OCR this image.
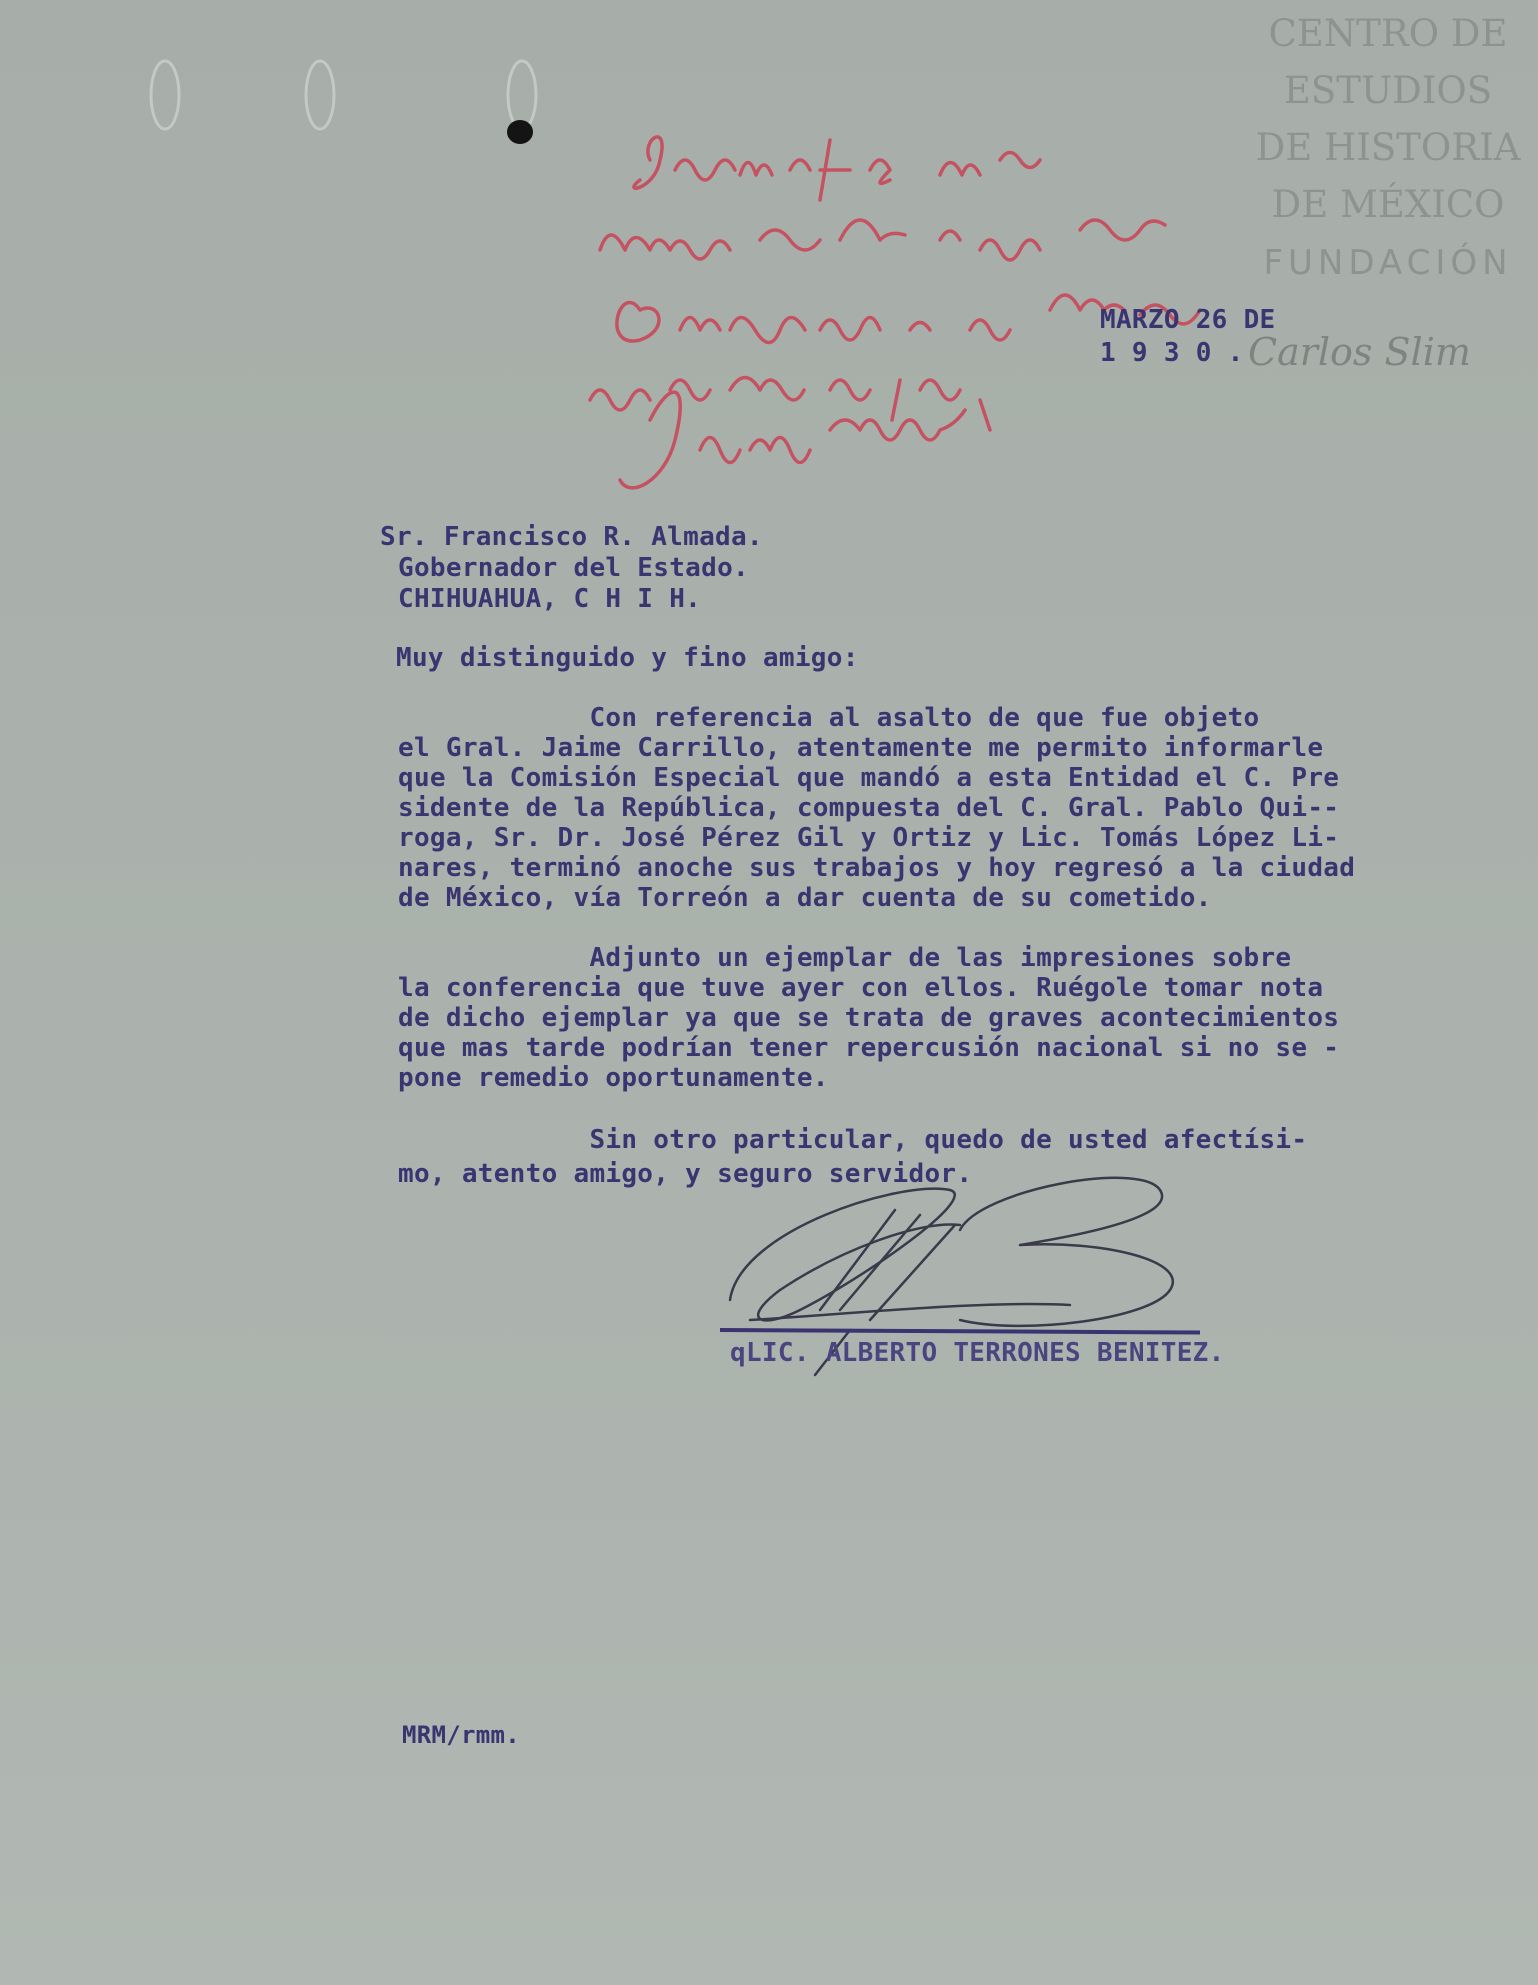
CENTRO DE
ESTUDIOS
DE HISTORIA
DE MÉXICO
FUNDACIÓN
Carlos Slim
MARZO 26 DE
1 9 3 0 .
Sr. Francisco R. Almada.
Gobernador del Estado.
CHIHUAHUA, C H I H.
Muy distinguido y fino amigo:
Con referencia al asalto de que fue objeto
el Gral. Jaime Carrillo, atentamente me permito informarle
que la Comisión Especial que mandó a esta Entidad el C. Pre
sidente de la República, compuesta del C. Gral. Pablo Qui--
roga, Sr. Dr. José Pérez Gil y Ortiz y Lic. Tomás López Li-
nares, terminó anoche sus trabajos y hoy regresó a la ciudad
de México, vía Torreón a dar cuenta de su cometido.
Adjunto un ejemplar de las impresiones sobre
la conferencia que tuve ayer con ellos. Ruégole tomar nota
de dicho ejemplar ya que se trata de graves acontecimientos
que mas tarde podrían tener repercusión nacional si no se -
pone remedio oportunamente.
Sin otro particular, quedo de usted afectísi-
mo, atento amigo, y seguro servidor.
qLIC. ALBERTO TERRONES BENITEZ.
MRM/rmm.
